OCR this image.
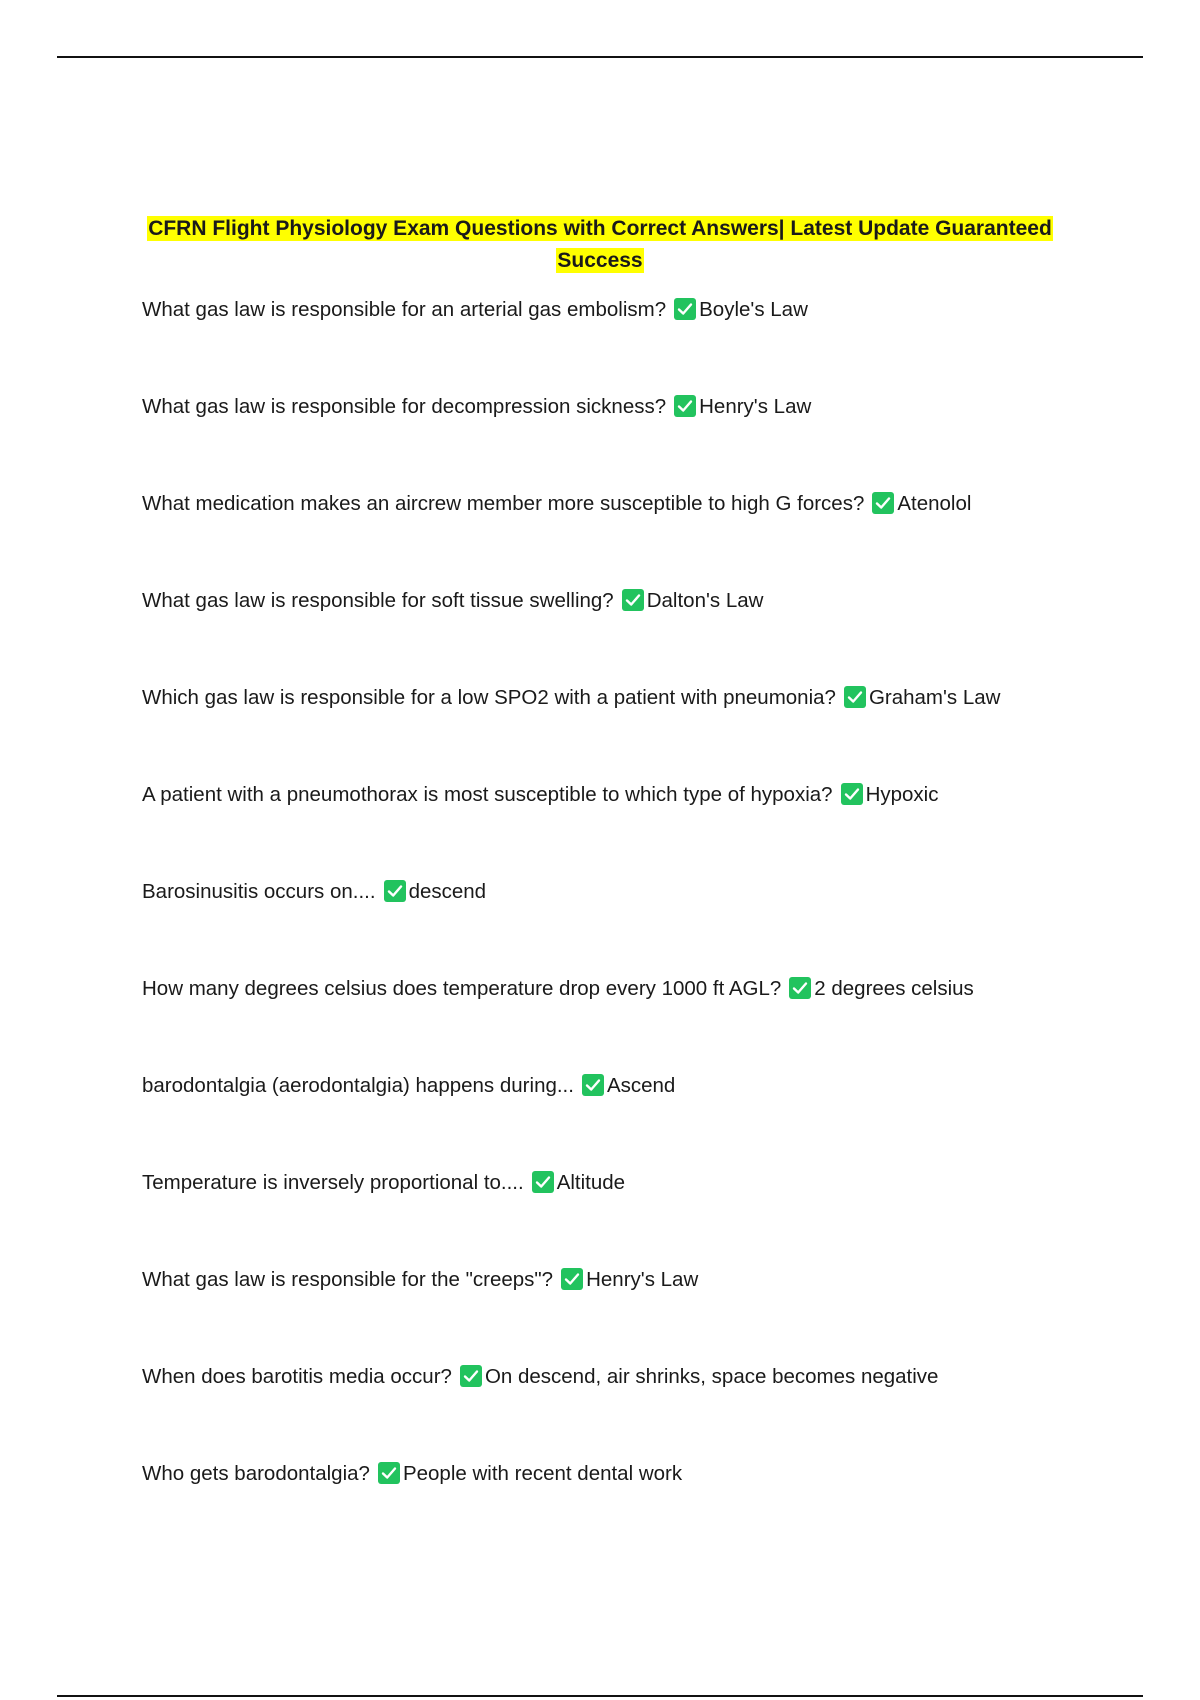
CFRN Flight Physiology Exam Questions with Correct Answers| Latest Update Guaranteed
Success
What gas law is responsible for an arterial gas embolism? Boyle's Law
What gas law is responsible for decompression sickness? Henry's Law
What medication makes an aircrew member more susceptible to high G forces? Atenolol
What gas law is responsible for soft tissue swelling? Dalton's Law
Which gas law is responsible for a low SPO2 with a patient with pneumonia? Graham's Law
A patient with a pneumothorax is most susceptible to which type of hypoxia? Hypoxic
Barosinusitis occurs on.... descend
How many degrees celsius does temperature drop every 1000 ft AGL? 2 degrees celsius
barodontalgia (aerodontalgia) happens during... Ascend
Temperature is inversely proportional to.... Altitude
What gas law is responsible for the "creeps"? Henry's Law
When does barotitis media occur? On descend, air shrinks, space becomes negative
Who gets barodontalgia? People with recent dental work
